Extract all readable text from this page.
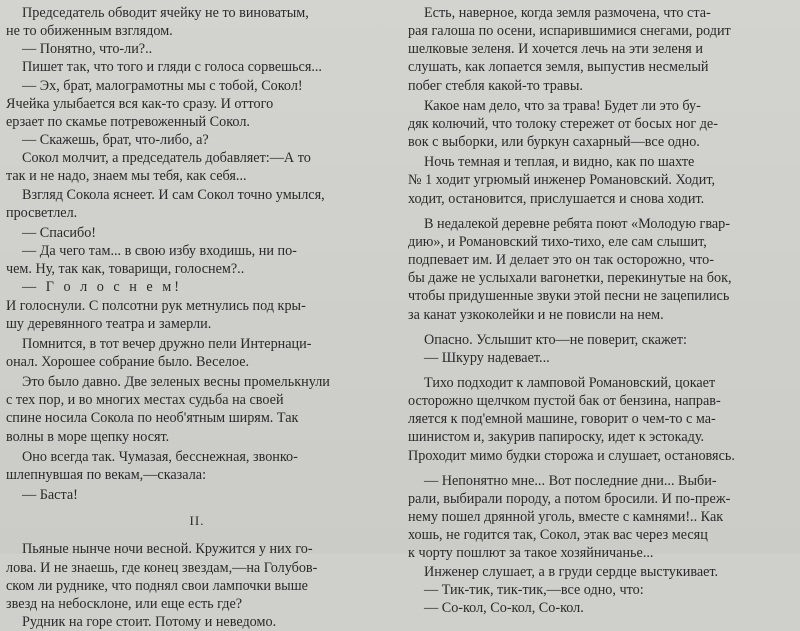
Председатель обводит ячейку не то виноватым,
не то обиженным взглядом.

— Понятно, что-ли?..

Пишет так, что того и гляди с голоса сорвешься...

— Эх, брат, малограмотны мы с тобой, Сокол!
Ячейка улыбается вся как-то сразу. И оттого
ерзает по скамье потревоженный Сокол.

— Скажешь, брат, что-либо, а?

Сокол молчит, а председатель добавляет:—А то
так и не надо, знаем мы тебя, как себя...

Взгляд Сокола яснеет. И сам Сокол точно умылся,
просветлел.

— Спасибо!

— Да чего там... в свою избу входишь, ни по-
чем. Ну, так как, товарищи, голоснем?..

— Г о л о с н е м!

И голоснули. С полсотни рук метнулись под кры-
шу деревянного театра и замерли.

Помнится, в тот вечер дружно пели Интернаци-
онал. Хорошее собрание было. Веселое.

Это было давно. Две зеленых весны промелькнули
с тех пор, и во многих местах судьба на своей
спине носила Сокола по необ'ятным ширям. Так
волны в море щепку носят.

Оно всегда так. Чумазая, бесснежная, звонко-
шлепнувшая по векам,—сказала:

— Баста!

II.

Пьяные нынче ночи весной. Кружится у них го-
лова. И не знаешь, где конец звездам,—на Голубов-
ском ли руднике, что поднял свои лампочки выше
звезд на небосклоне, или еще есть где?

Рудник на горе стоит. Потому и неведомо.

Есть, наверное, когда земля размочена, что ста-
рая галоша по осени, испарившимися снегами, родит
шелковые зеленя. И хочется лечь на эти зеленя и
слушать, как лопается земля, выпустив несмелый
побег стебля какой-то травы.

Какое нам дело, что за трава! Будет ли это бу-
дяк колючий, что толоку стережет от босых ног де-
вок с выборки, или буркун сахарный—все одно.

Ночь темная и теплая, и видно, как по шахте
№ 1 ходит угрюмый инженер Романовский. Ходит,
ходит, остановится, прислушается и снова ходит.

В недалекой деревне ребята поют «Молодую гвар-
дию», и Романовский тихо-тихо, еле сам слышит,
подпевает им. И делает это он так осторожно, что-
бы даже не услыхали вагонетки, перекинутые на бок,
чтобы придушенные звуки этой песни не зацепились
за канат узкоколейки и не повисли на нем.

Опасно. Услышит кто—не поверит, скажет:

— Шкуру надевает...

Тихо подходит к ламповой Романовский, цокает
осторожно щелчком пустой бак от бензина, направ-
ляется к под'емной машине, говорит о чем-то с ма-
шинистом и, закурив папироску, идет к эстокаду.
Проходит мимо будки сторожа и слушает, остановясь.

— Непонятно мне... Вот последние дни... Выби-
рали, выбирали породу, а потом бросили. И по-преж-
нему пошел дрянной уголь, вместе с камнями!.. Как
хошь, не годится так, Сокол, этак вас через месяц
к чорту пошлют за такое хозяйничанье...

Инженер слушает, а в груди сердце выстукивает.

— Тик-тик, тик-тик,—все одно, что:

— Со-кол, Со-кол, Со-кол.
